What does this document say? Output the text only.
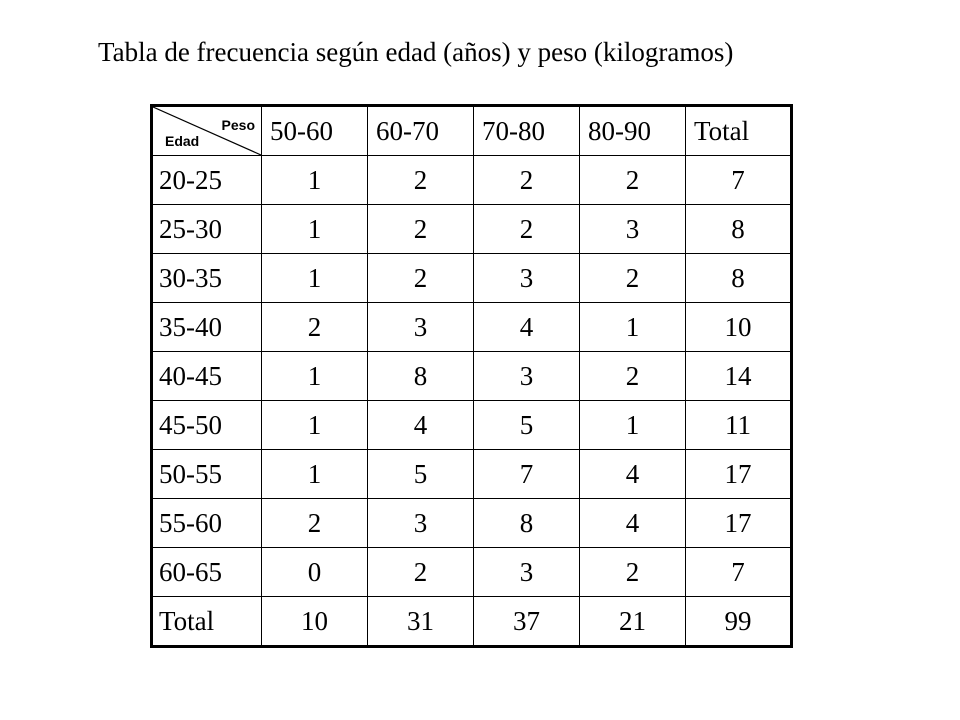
Tabla de frecuencia según edad (años) y peso (kilogramos)
Peso
Edad	50-60	60-70	70-80	80-90	Total
20-25	1	2	2	2	7
25-30	1	2	2	3	8
30-35	1	2	3	2	8
35-40	2	3	4	1	10
40-45	1	8	3	2	14
45-50	1	4	5	1	11
50-55	1	5	7	4	17
55-60	2	3	8	4	17
60-65	0	2	3	2	7
Total	10	31	37	21	99
